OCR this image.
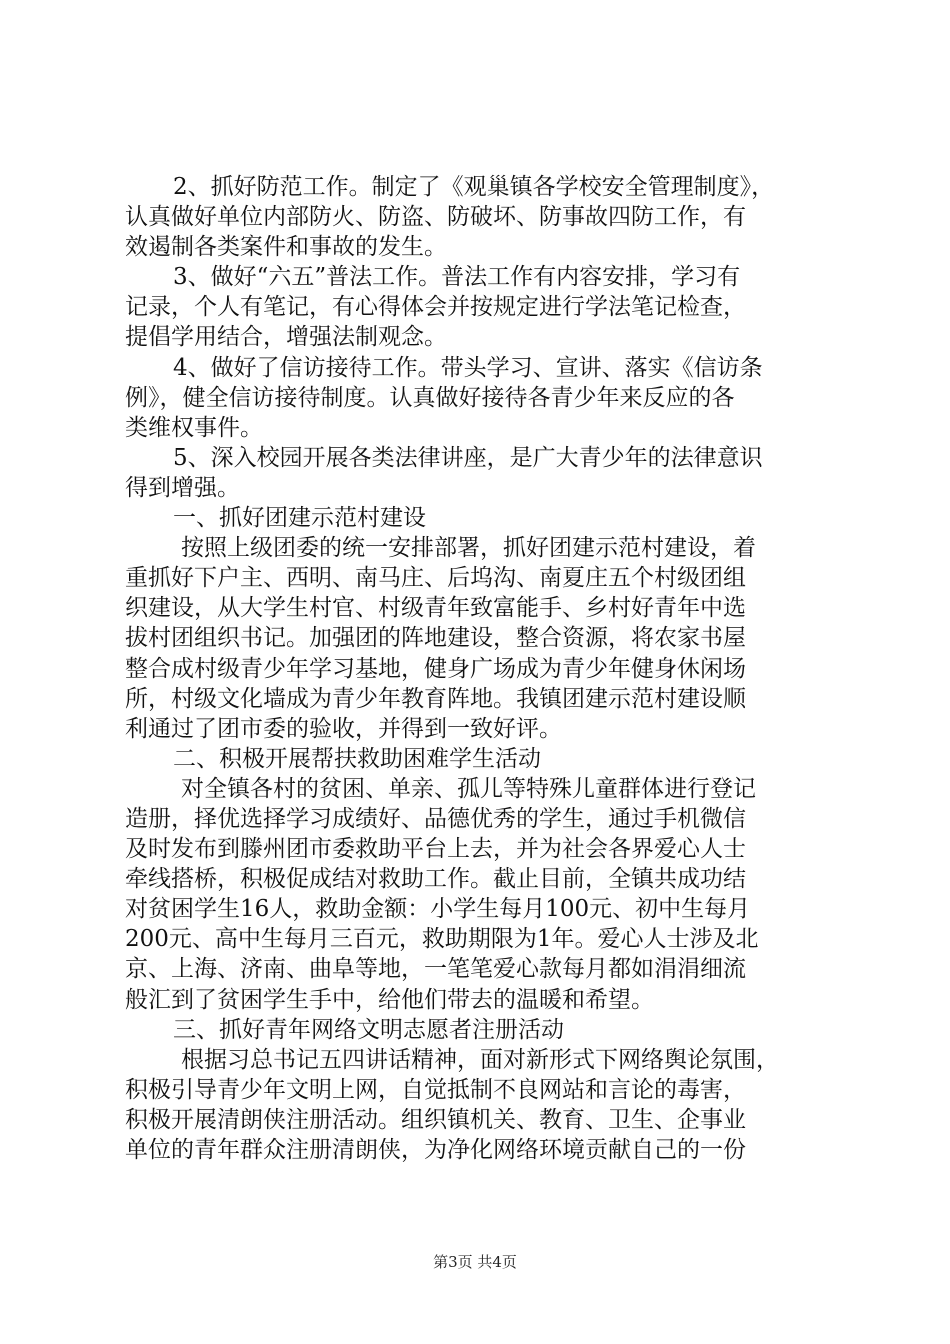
2、抓好防范工作。制定了《观巢镇各学校安全管理制度》，
认真做好单位内部防火、防盗、防破坏、防事故四防工作，有
效遏制各类案件和事故的发生。
3、做好“六五”普法工作。普法工作有内容安排，学习有
记录，个人有笔记，有心得体会并按规定进行学法笔记检查，
提倡学用结合，增强法制观念。
4、做好了信访接待工作。带头学习、宣讲、落实《信访条
例》，健全信访接待制度。认真做好接待各青少年来反应的各
类维权事件。
5、深入校园开展各类法律讲座，是广大青少年的法律意识
得到增强。
一、抓好团建示范村建设
按照上级团委的统一安排部署，抓好团建示范村建设，着
重抓好下户主、西明、南马庄、后坞沟、南夏庄五个村级团组
织建设，从大学生村官、村级青年致富能手、乡村好青年中选
拔村团组织书记。加强团的阵地建设，整合资源，将农家书屋
整合成村级青少年学习基地，健身广场成为青少年健身休闲场
所，村级文化墙成为青少年教育阵地。我镇团建示范村建设顺
利通过了团市委的验收，并得到一致好评。
二、积极开展帮扶救助困难学生活动
对全镇各村的贫困、单亲、孤儿等特殊儿童群体进行登记
造册，择优选择学习成绩好、品德优秀的学生，通过手机微信
及时发布到滕州团市委救助平台上去，并为社会各界爱心人士
牵线搭桥，积极促成结对救助工作。截止目前，全镇共成功结
对贫困学生16人，救助金额：小学生每月100元、初中生每月
200元、高中生每月三百元，救助期限为1年。爱心人士涉及北
京、上海、济南、曲阜等地，一笔笔爱心款每月都如涓涓细流
般汇到了贫困学生手中，给他们带去的温暖和希望。
三、抓好青年网络文明志愿者注册活动
根据习总书记五四讲话精神，面对新形式下网络舆论氛围，
积极引导青少年文明上网，自觉抵制不良网站和言论的毒害，
积极开展清朗侠注册活动。组织镇机关、教育、卫生、企事业
单位的青年群众注册清朗侠，为净化网络环境贡献自己的一份
第3页 共4页
